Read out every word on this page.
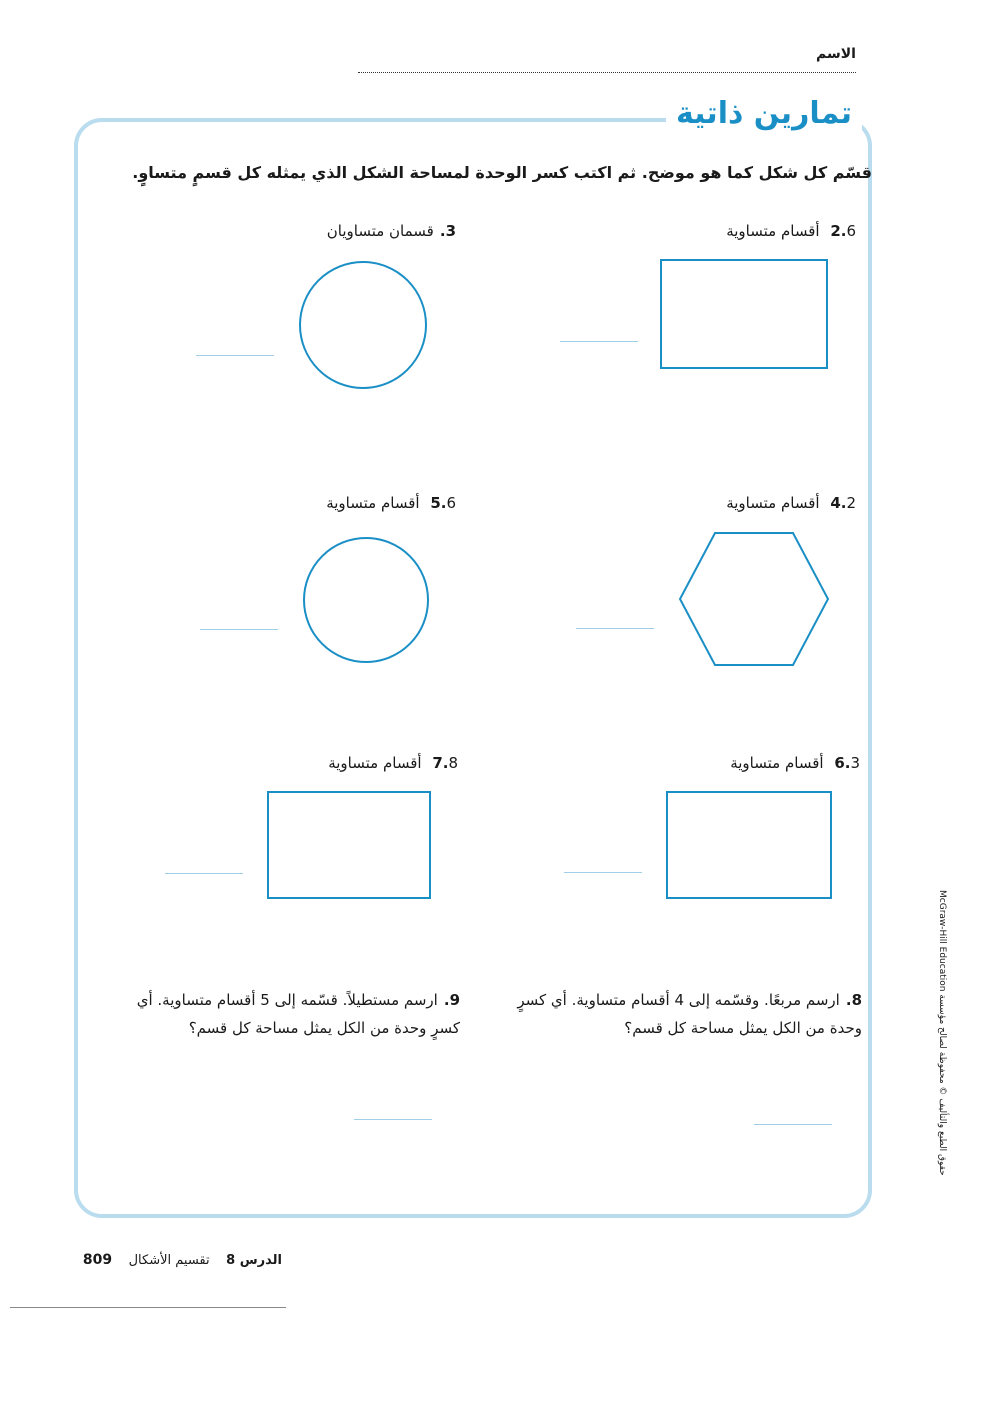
الاسم
تمارين ذاتية
قسّم كل شكل كما هو موضح. ثم اكتب كسر الوحدة لمساحة الشكل الذي يمثله كل قسمٍ متساوٍ.
2.6 أقسام متساوية
3.قسمان متساويان
4.2 أقسام متساوية
5.6 أقسام متساوية
6.3 أقسام متساوية
7.8 أقسام متساوية
8.ارسم مربعًا. وقسّمه إلى 4 أقسام متساوية. أي كسرٍ وحدة من الكل يمثل مساحة كل قسم؟
9.ارسم مستطيلاً. قسّمه إلى 5 أقسام متساوية. أي كسرٍ وحدة من الكل يمثل مساحة كل قسم؟
الدرس 8    تقسيم الأشكال    809
McGraw-Hill Education حقوق الطبع والتأليف © محفوظة لصالح مؤسسة
